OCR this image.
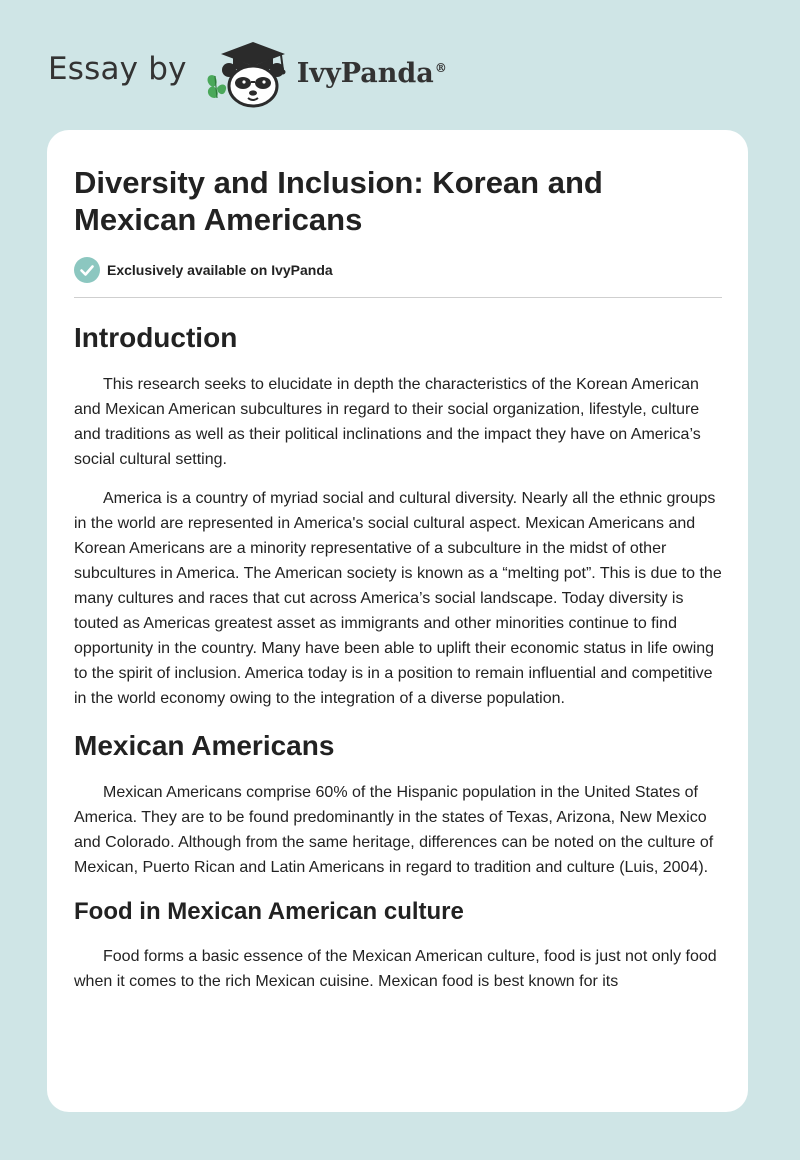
Essay by	IvyPanda®
Diversity and Inclusion: Korean and Mexican Americans
Exclusively available on IvyPanda
Introduction

This research seeks to elucidate in depth the characteristics of the Korean American and Mexican American subcultures in regard to their social organization, lifestyle, culture and traditions as well as their political inclinations and the impact they have on America’s social cultural setting.

America is a country of myriad social and cultural diversity. Nearly all the ethnic groups in the world are represented in America's social cultural aspect. Mexican Americans and Korean Americans are a minority representative of a subculture in the midst of other subcultures in America. The American society is known as a “melting pot”. This is due to the many cultures and races that cut across America’s social landscape. Today diversity is touted as Americas greatest asset as immigrants and other minorities continue to find opportunity in the country. Many have been able to uplift their economic status in life owing to the spirit of inclusion. America today is in a position to remain influential and competitive in the world economy owing to the integration of a diverse population.

Mexican Americans

Mexican Americans comprise 60% of the Hispanic population in the United States of America. They are to be found predominantly in the states of Texas, Arizona, New Mexico and Colorado. Although from the same heritage, differences can be noted on the culture of Mexican, Puerto Rican and Latin Americans in regard to tradition and culture (Luis, 2004).

Food in Mexican American culture

Food forms a basic essence of the Mexican American culture, food is just not only food when it comes to the rich Mexican cuisine. Mexican food is best known for its
